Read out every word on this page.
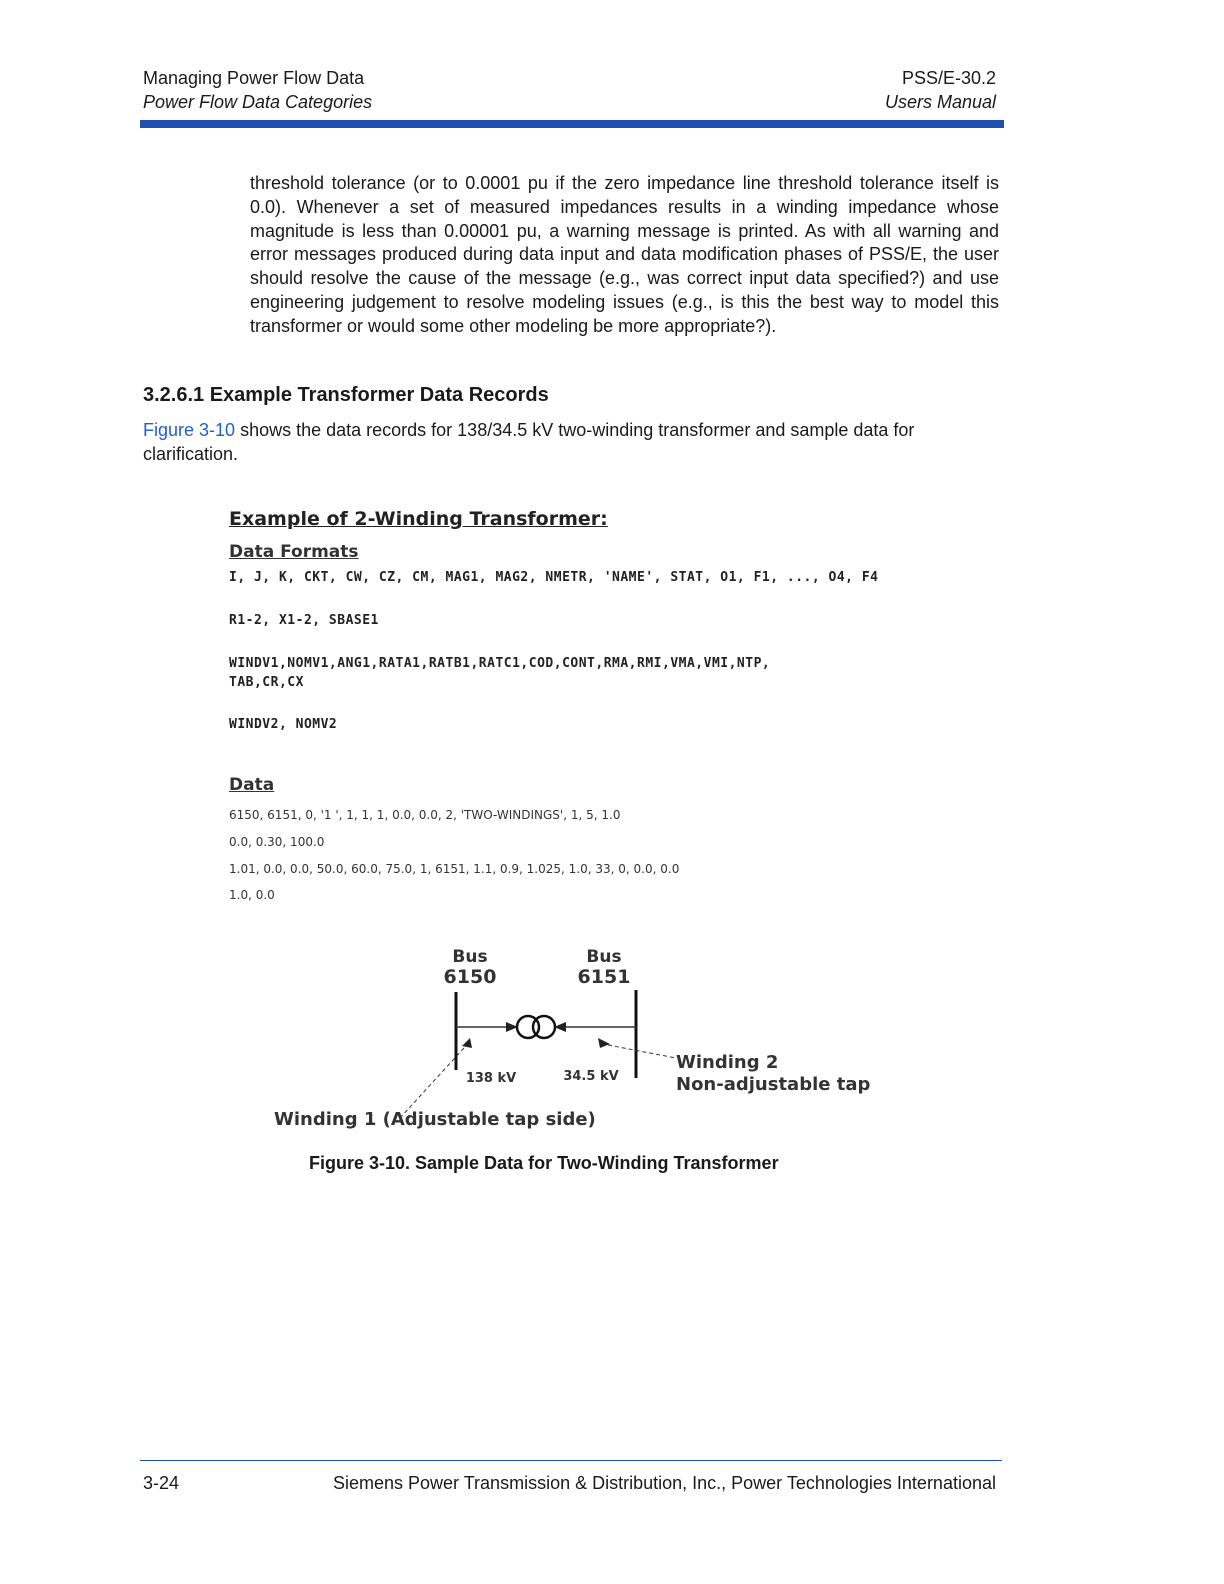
Managing Power Flow Data
Power Flow Data Categories
PSS/E-30.2
Users Manual

threshold tolerance (or to 0.0001 pu if the zero impedance line threshold tolerance itself is 0.0). Whenever a set of measured impedances results in a winding impedance whose magnitude is less than 0.00001 pu, a warning message is printed. As with all warning and error messages produced during data input and data modification phases of PSS/E, the user should resolve the cause of the message (e.g., was correct input data specified?) and use engineering judgement to resolve modeling issues (e.g., is this the best way to model this transformer or would some other modeling be more appropriate?).

3.2.6.1 Example Transformer Data Records

Figure 3-10 shows the data records for 138/34.5 kV two-winding transformer and sample data for clarification.

Example of 2-Winding Transformer:
Data Formats
I, J, K, CKT, CW, CZ, CM, MAG1, MAG2, NMETR, 'NAME', STAT, O1, F1, ..., O4, F4
R1-2, X1-2, SBASE1
WINDV1,NOMV1,ANG1,RATA1,RATB1,RATC1,COD,CONT,RMA,RMI,VMA,VMI,NTP,
TAB,CR,CX
WINDV2, NOMV2
Data
6150, 6151, 0, '1 ', 1, 1, 1, 0.0, 0.0, 2, 'TWO-WINDINGS', 1, 5, 1.0
0.0, 0.30, 100.0
1.01, 0.0, 0.0, 50.0, 60.0, 75.0, 1, 6151, 1.1, 0.9, 1.025, 1.0, 33, 0, 0.0, 0.0
1.0, 0.0
Bus
6150
Bus
6151
138 kV	34.5 kV
Winding 2
Non-adjustable tap
Winding 1 (Adjustable tap side)

Figure 3-10. Sample Data for Two-Winding Transformer

3-24	Siemens Power Transmission & Distribution, Inc., Power Technologies International
